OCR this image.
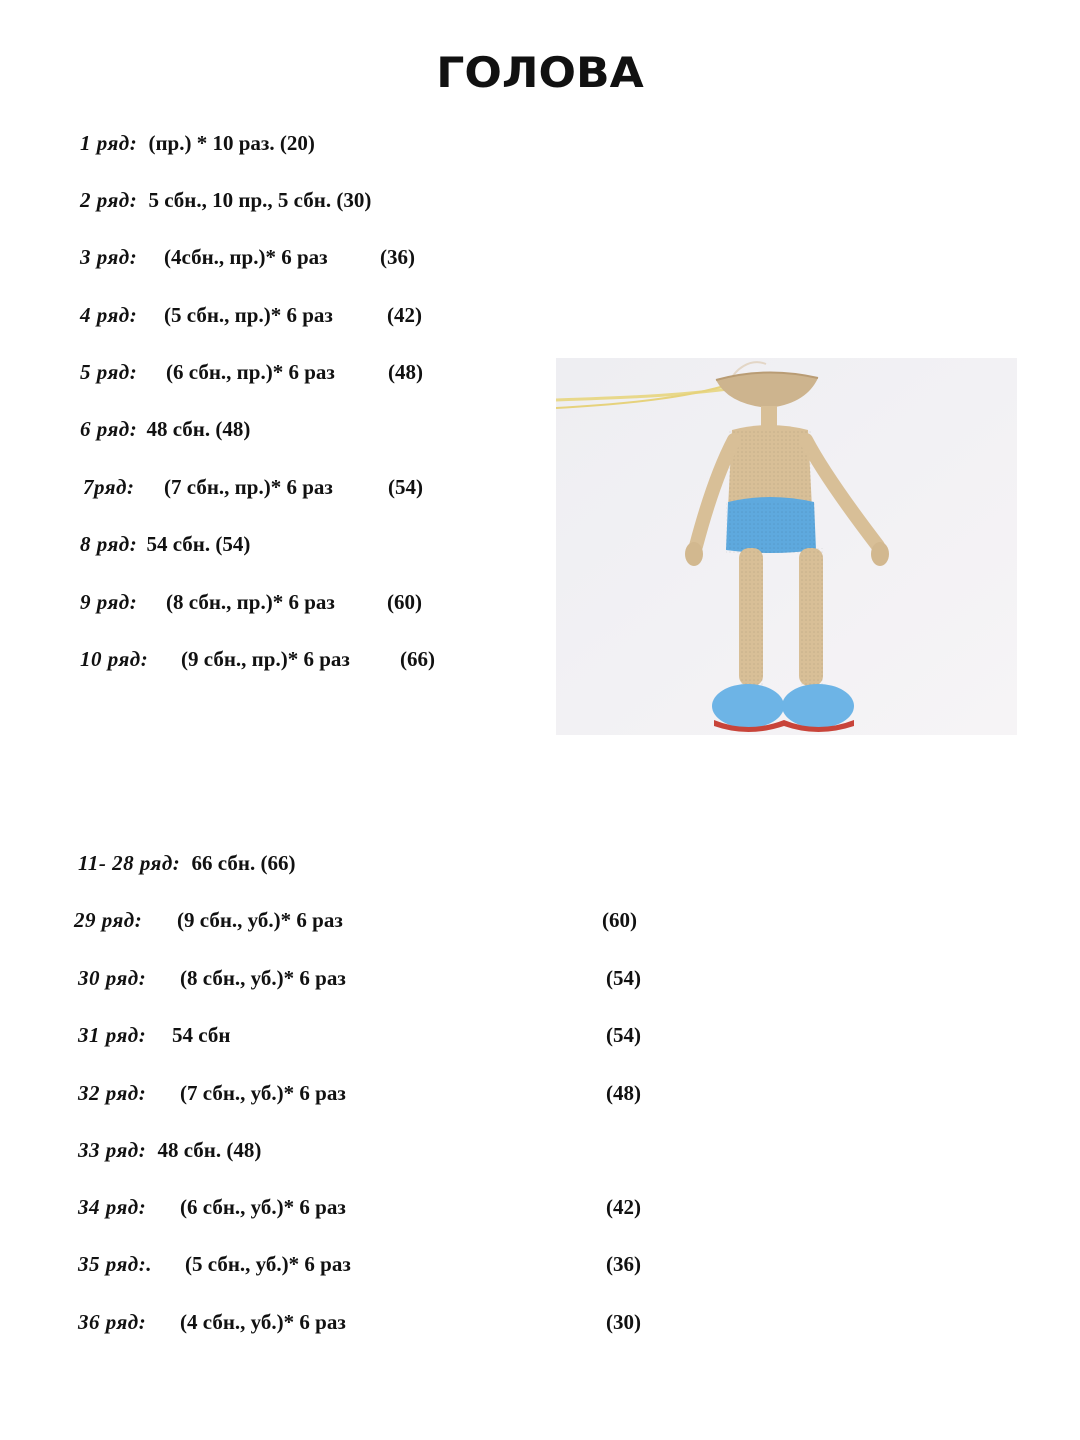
ГОЛОВА
1 ряд: (пр.) * 10 раз. (20)
2 ряд: 5 сбн., 10 пр., 5 сбн. (30)
3 ряд: (4сбн., пр.)* 6 раз (36)
4 ряд: (5 сбн., пр.)* 6 раз	(42)
5 ряд: (6 сбн., пр.)* 6 раз	(48)
6 ряд: 48 сбн. (48)
7ряд: (7 сбн., пр.)* 6 раз	(54)
8 ряд: 54 сбн. (54)
9 ряд: (8 сбн., пр.)* 6 раз (60)
10 ряд: (9 сбн., пр.)* 6 раз (66)
11- 28 ряд: 66 сбн. (66)
29 ряд: (9 сбн., уб.)* 6 раз	(60)
30 ряд: (8 сбн., уб.)* 6 раз	(54)
31 ряд: 54 сбн	(54)
32 ряд: (7 сбн., уб.)* 6 раз	(48)
33 ряд: 48 сбн. (48)
34 ряд: (6 сбн., уб.)* 6 раз	(42)
35 ряд:. (5 сбн., уб.)* 6 раз	(36)
36 ряд: (4 сбн., уб.)* 6 раз	(30)
